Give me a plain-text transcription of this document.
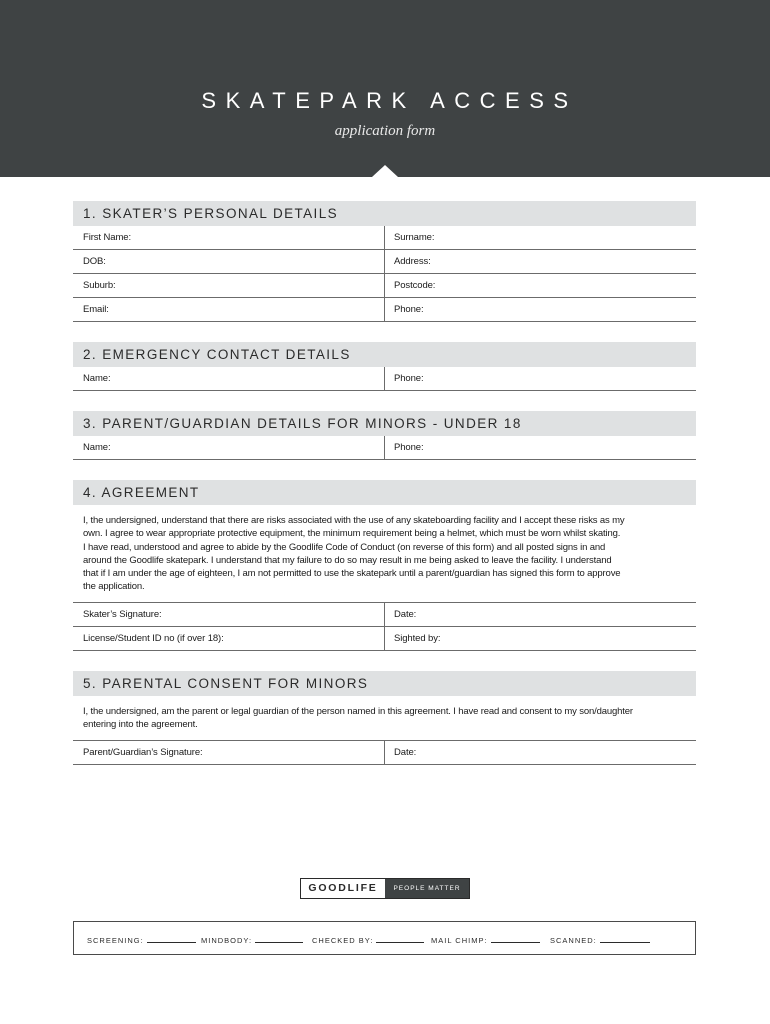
SKATEPARK ACCESS
application form
1. SKATER’S PERSONAL DETAILS
First Name:	Surname:
DOB:	Address:
Suburb:	Postcode:
Email:	Phone:
2. EMERGENCY CONTACT DETAILS
Name:	Phone:
3. PARENT/GUARDIAN DETAILS FOR MINORS - UNDER 18
Name:	Phone:
4. AGREEMENT
I, the undersigned, understand that there are risks associated with the use of any skateboarding facility and I accept these risks as my
own. I agree to wear appropriate protective equipment, the minimum requirement being a helmet, which must be worn whilst skating.
I have read, understood and agree to abide by the Goodlife Code of Conduct (on reverse of this form) and all posted signs in and
around the Goodlife skatepark. I understand that my failure to do so may result in me being asked to leave the facility. I understand
that if I am under the age of eighteen, I am not permitted to use the skatepark until a parent/guardian has signed this form to approve
the application.
Skater’s Signature:	Date:
License/Student ID no (if over 18):	Sighted by:
5. PARENTAL CONSENT FOR MINORS
I, the undersigned, am the parent or legal guardian of the person named in this agreement. I have read and consent to my son/daughter
entering into the agreement.
Parent/Guardian’s Signature:	Date:
GOODLIFE	PEOPLE MATTER
SCREENING:	MINDBODY:	CHECKED BY:	MAIL CHIMP:	SCANNED:
